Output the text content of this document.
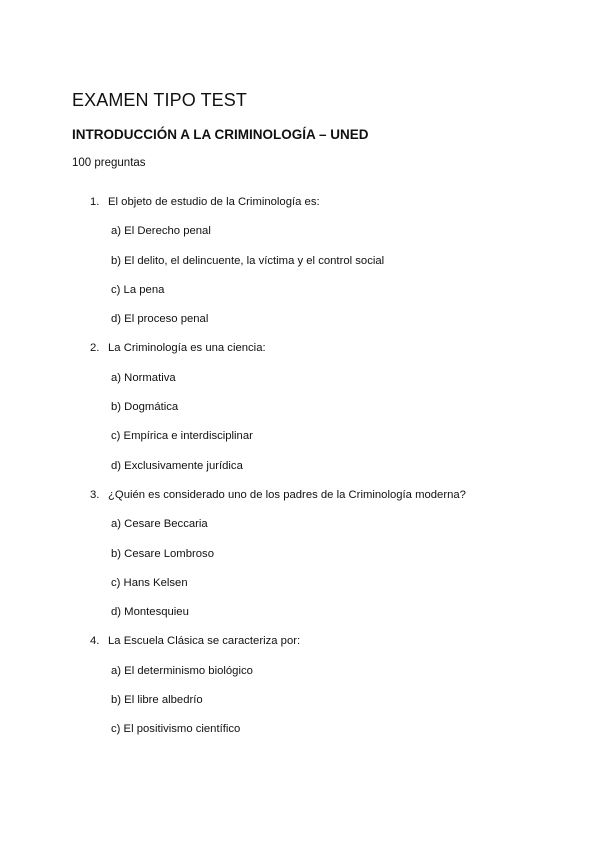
EXAMEN TIPO TEST
INTRODUCCIÓN A LA CRIMINOLOGÍA – UNED

100 preguntas

1. El objeto de estudio de la Criminología es:
a) El Derecho penal
b) El delito, el delincuente, la víctima y el control social
c) La pena
d) El proceso penal
2. La Criminología es una ciencia:
a) Normativa
b) Dogmática
c) Empírica e interdisciplinar
d) Exclusivamente jurídica
3. ¿Quién es considerado uno de los padres de la Criminología moderna?
a) Cesare Beccaria
b) Cesare Lombroso
c) Hans Kelsen
d) Montesquieu
4. La Escuela Clásica se caracteriza por:
a) El determinismo biológico
b) El libre albedrío
c) El positivismo científico
